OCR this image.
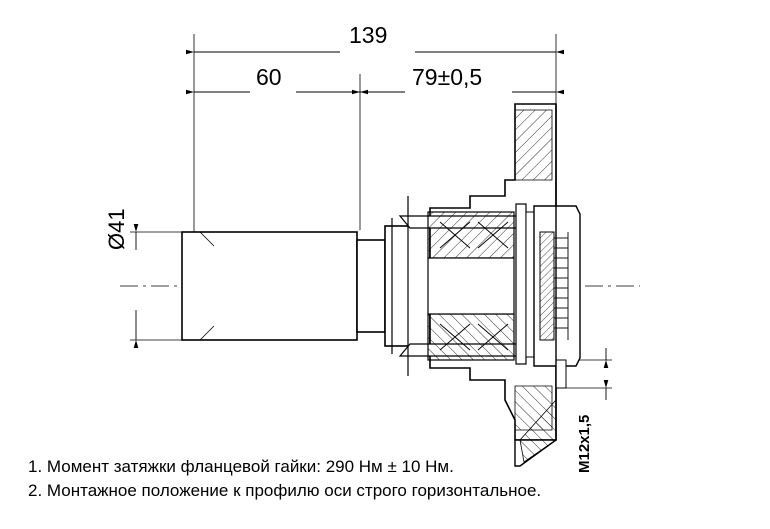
139
60	79±0,5
Ø41
M12x1,5
1. Момент затяжки фланцевой гайки: 290 Нм ± 10 Нм.
2. Монтажное положение к профилю оси строго горизонтальное.
